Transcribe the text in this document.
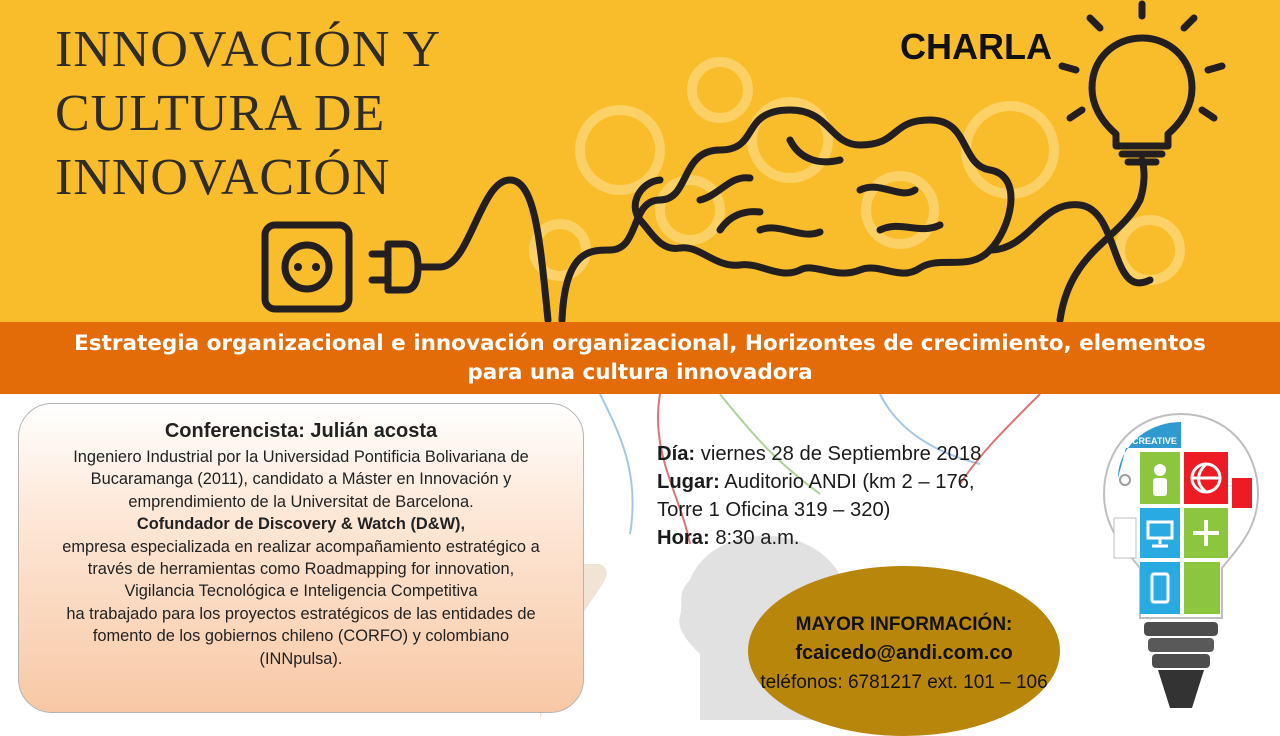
INNOVACIÓN Y
CULTURA DE
INNOVACIÓN
CHARLA
Estrategia organizacional e innovación organizacional, Horizontes de crecimiento, elementos
para una cultura innovadora
Conferencista: Julián acosta
Ingeniero Industrial por la Universidad Pontificia Bolivariana de
Bucaramanga (2011), candidato a Máster en Innovación y
emprendimiento de la Universitat de Barcelona.
Cofundador de Discovery & Watch (D&W),
empresa especializada en realizar acompañamiento estratégico a
través de herramientas como Roadmapping for innovation,
Vigilancia Tecnológica e Inteligencia Competitiva
ha trabajado para los proyectos estratégicos de las entidades de
fomento de los gobiernos chileno (CORFO) y colombiano
(INNpulsa).
Día: viernes 28 de Septiembre 2018
Lugar: Auditorio ANDI (km 2 – 176,
Torre 1 Oficina 319 – 320)
Hora: 8:30 a.m.
MAYOR INFORMACIÓN:
fcaicedo@andi.com.co
teléfonos: 6781217 ext. 101 – 106
CREATIVE
